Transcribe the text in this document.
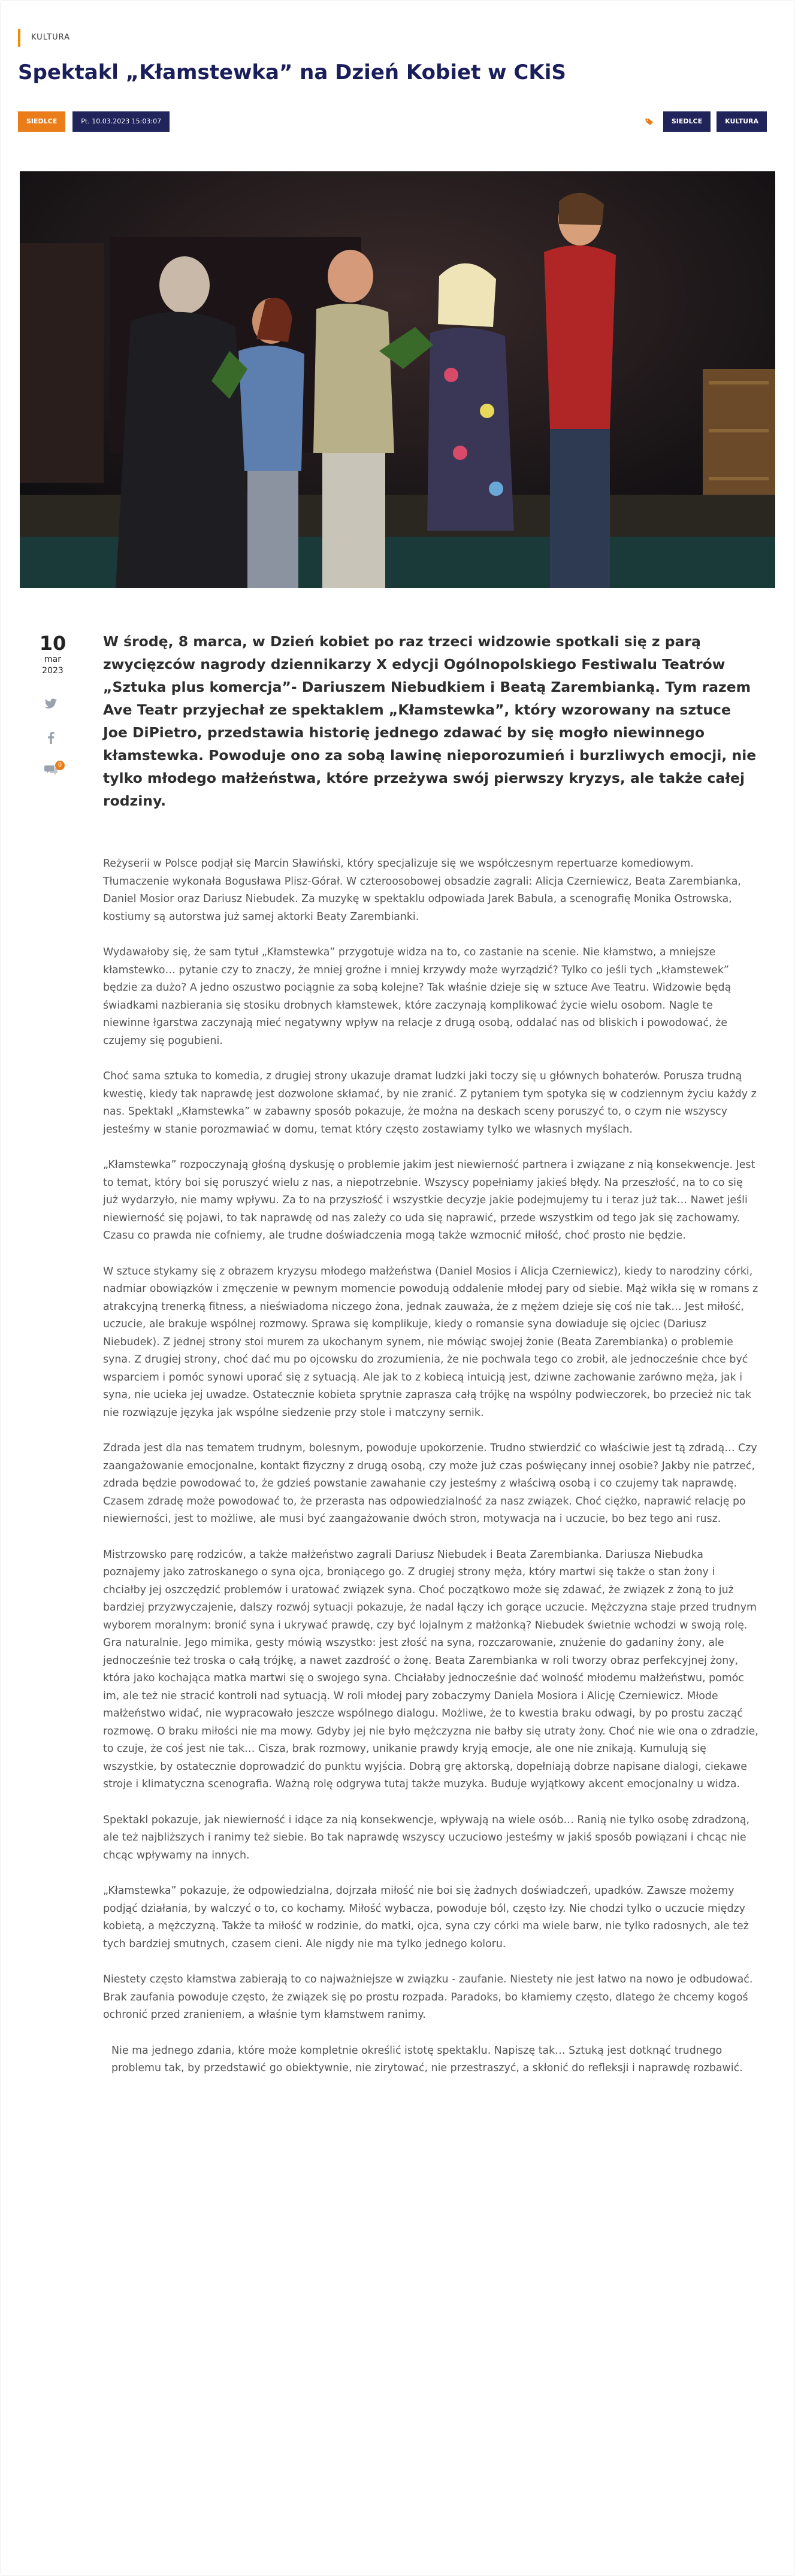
KULTURA
Spektakl „Kłamstewka” na Dzień Kobiet w CKiS
SIEDLCE	Pt. 10.03.2023 15:03:07	SIEDLCE	KULTURA
10
mar
2023
0

W środę, 8 marca, w Dzień kobiet po raz trzeci widzowie spotkali się z parą zwycięzców nagrody dziennikarzy X edycji Ogólnopolskiego Festiwalu Teatrów „Sztuka plus komercja”- Dariuszem Niebudkiem i Beatą Zarembianką. Tym razem Ave Teatr przyjechał ze spektaklem „Kłamstewka”, który wzorowany na sztuce Joe DiPietro, przedstawia historię jednego zdawać by się mogło niewinnego kłamstewka. Powoduje ono za sobą lawinę nieporozumień i burzliwych emocji, nie tylko młodego małżeństwa, które przeżywa swój pierwszy kryzys, ale także całej rodziny.

Reżyserii w Polsce podjął się Marcin Sławiński, który specjalizuje się we współczesnym repertuarze komediowym. Tłumaczenie wykonała Bogusława Plisz-Górał. W czteroosobowej obsadzie zagrali: Alicja Czerniewicz, Beata Zarembianka, Daniel Mosior oraz Dariusz Niebudek. Za muzykę w spektaklu odpowiada Jarek Babula, a scenografię Monika Ostrowska, kostiumy są autorstwa już samej aktorki Beaty Zarembianki.

Wydawałoby się, że sam tytuł „Kłamstewka” przygotuje widza na to, co zastanie na scenie. Nie kłamstwo, a mniejsze kłamstewko… pytanie czy to znaczy, że mniej groźne i mniej krzywdy może wyrządzić? Tylko co jeśli tych „kłamstewek” będzie za dużo? A jedno oszustwo pociągnie za sobą kolejne? Tak właśnie dzieje się w sztuce Ave Teatru. Widzowie będą świadkami nazbierania się stosiku drobnych kłamstewek, które zaczynają komplikować życie wielu osobom. Nagle te niewinne łgarstwa zaczynają mieć negatywny wpływ na relacje z drugą osobą, oddalać nas od bliskich i powodować, że czujemy się pogubieni.

Choć sama sztuka to komedia, z drugiej strony ukazuje dramat ludzki jaki toczy się u głównych bohaterów. Porusza trudną kwestię, kiedy tak naprawdę jest dozwolone skłamać, by nie zranić. Z pytaniem tym spotyka się w codziennym życiu każdy z nas. Spektakl „Kłamstewka” w zabawny sposób pokazuje, że można na deskach sceny poruszyć to, o czym nie wszyscy jesteśmy w stanie porozmawiać w domu, temat który często zostawiamy tylko we własnych myślach.

„Kłamstewka” rozpoczynają głośną dyskusję o problemie jakim jest niewierność partnera i związane z nią konsekwencje. Jest to temat, który boi się poruszyć wielu z nas, a niepotrzebnie. Wszyscy popełniamy jakieś błędy. Na przeszłość, na to co się już wydarzyło, nie mamy wpływu. Za to na przyszłość i wszystkie decyzje jakie podejmujemy tu i teraz już tak… Nawet jeśli niewierność się pojawi, to tak naprawdę od nas zależy co uda się naprawić, przede wszystkim od tego jak się zachowamy. Czasu co prawda nie cofniemy, ale trudne doświadczenia mogą także wzmocnić miłość, choć prosto nie będzie.

W sztuce stykamy się z obrazem kryzysu młodego małżeństwa (Daniel Mosios i Alicja Czerniewicz), kiedy to narodziny córki, nadmiar obowiązków i zmęczenie w pewnym momencie powodują oddalenie młodej pary od siebie. Mąż wikła się w romans z atrakcyjną trenerką fitness, a nieświadoma niczego żona, jednak zauważa, że z mężem dzieje się coś nie tak… Jest miłość, uczucie, ale brakuje wspólnej rozmowy. Sprawa się komplikuje, kiedy o romansie syna dowiaduje się ojciec (Dariusz Niebudek). Z jednej strony stoi murem za ukochanym synem, nie mówiąc swojej żonie (Beata Zarembianka) o problemie syna. Z drugiej strony, choć dać mu po ojcowsku do zrozumienia, że nie pochwala tego co zrobił, ale jednocześnie chce być wsparciem i pomóc synowi uporać się z sytuacją. Ale jak to z kobiecą intuicją jest, dziwne zachowanie zarówno męża, jak i syna, nie ucieka jej uwadze. Ostatecznie kobieta sprytnie zaprasza całą trójkę na wspólny podwieczorek, bo przecież nic tak nie rozwiązuje języka jak wspólne siedzenie przy stole i matczyny sernik.

Zdrada jest dla nas tematem trudnym, bolesnym, powoduje upokorzenie. Trudno stwierdzić co właściwie jest tą zdradą… Czy zaangażowanie emocjonalne, kontakt fizyczny z drugą osobą, czy może już czas poświęcany innej osobie? Jakby nie patrzeć, zdrada będzie powodować to, że gdzieś powstanie zawahanie czy jesteśmy z właściwą osobą i co czujemy tak naprawdę. Czasem zdradę może powodować to, że przerasta nas odpowiedzialność za nasz związek. Choć ciężko, naprawić relację po niewierności, jest to możliwe, ale musi być zaangażowanie dwóch stron, motywacja na i uczucie, bo bez tego ani rusz.

Mistrzowsko parę rodziców, a także małżeństwo zagrali Dariusz Niebudek i Beata Zarembianka. Dariusza Niebudka poznajemy jako zatroskanego o syna ojca, broniącego go. Z drugiej strony męża, który martwi się także o stan żony i chciałby jej oszczędzić problemów i uratować związek syna. Choć początkowo może się zdawać, że związek z żoną to już bardziej przyzwyczajenie, dalszy rozwój sytuacji pokazuje, że nadal łączy ich gorące uczucie. Mężczyzna staje przed trudnym wyborem moralnym: bronić syna i ukrywać prawdę, czy być lojalnym z małżonką? Niebudek świetnie wchodzi w swoją rolę. Gra naturalnie. Jego mimika, gesty mówią wszystko: jest złość na syna, rozczarowanie, znużenie do gadaniny żony, ale jednocześnie też troska o całą trójkę, a nawet zazdrość o żonę. Beata Zarembianka w roli tworzy obraz perfekcyjnej żony, która jako kochająca matka martwi się o swojego syna. Chciałaby jednocześnie dać wolność młodemu małżeństwu, pomóc im, ale też nie stracić kontroli nad sytuacją. W roli młodej pary zobaczymy Daniela Mosiora i Alicję Czerniewicz. Młode małżeństwo widać, nie wypracowało jeszcze wspólnego dialogu. Możliwe, że to kwestia braku odwagi, by po prostu zacząć rozmowę. O braku miłości nie ma mowy. Gdyby jej nie było mężczyzna nie bałby się utraty żony. Choć nie wie ona o zdradzie, to czuje, że coś jest nie tak… Cisza, brak rozmowy, unikanie prawdy kryją emocje, ale one nie znikają. Kumulują się wszystkie, by ostatecznie doprowadzić do punktu wyjścia. Dobrą grę aktorską, dopełniają dobrze napisane dialogi, ciekawe stroje i klimatyczna scenografia. Ważną rolę odgrywa tutaj także muzyka. Buduje wyjątkowy akcent emocjonalny u widza.

Spektakl pokazuje, jak niewierność i idące za nią konsekwencje, wpływają na wiele osób… Ranią nie tylko osobę zdradzoną, ale też najbliższych i ranimy też siebie. Bo tak naprawdę wszyscy uczuciowo jesteśmy w jakiś sposób powiązani i chcąc nie chcąc wpływamy na innych.

„Kłamstewka” pokazuje, że odpowiedzialna, dojrzała miłość nie boi się żadnych doświadczeń, upadków. Zawsze możemy podjąć działania, by walczyć o to, co kochamy. Miłość wybacza, powoduje ból, często łzy. Nie chodzi tylko o uczucie między kobietą, a mężczyzną. Także ta miłość w rodzinie, do matki, ojca, syna czy córki ma wiele barw, nie tylko radosnych, ale też tych bardziej smutnych, czasem cieni. Ale nigdy nie ma tylko jednego koloru.

Niestety często kłamstwa zabierają to co najważniejsze w związku - zaufanie. Niestety nie jest łatwo na nowo je odbudować. Brak zaufania powoduje często, że związek się po prostu rozpada. Paradoks, bo kłamiemy często, dlatego że chcemy kogoś ochronić przed zranieniem, a właśnie tym kłamstwem ranimy.

Nie ma jednego zdania, które może kompletnie określić istotę spektaklu. Napiszę tak… Sztuką jest dotknąć trudnego problemu tak, by przedstawić go obiektywnie, nie zirytować, nie przestraszyć, a skłonić do refleksji i naprawdę rozbawić.
